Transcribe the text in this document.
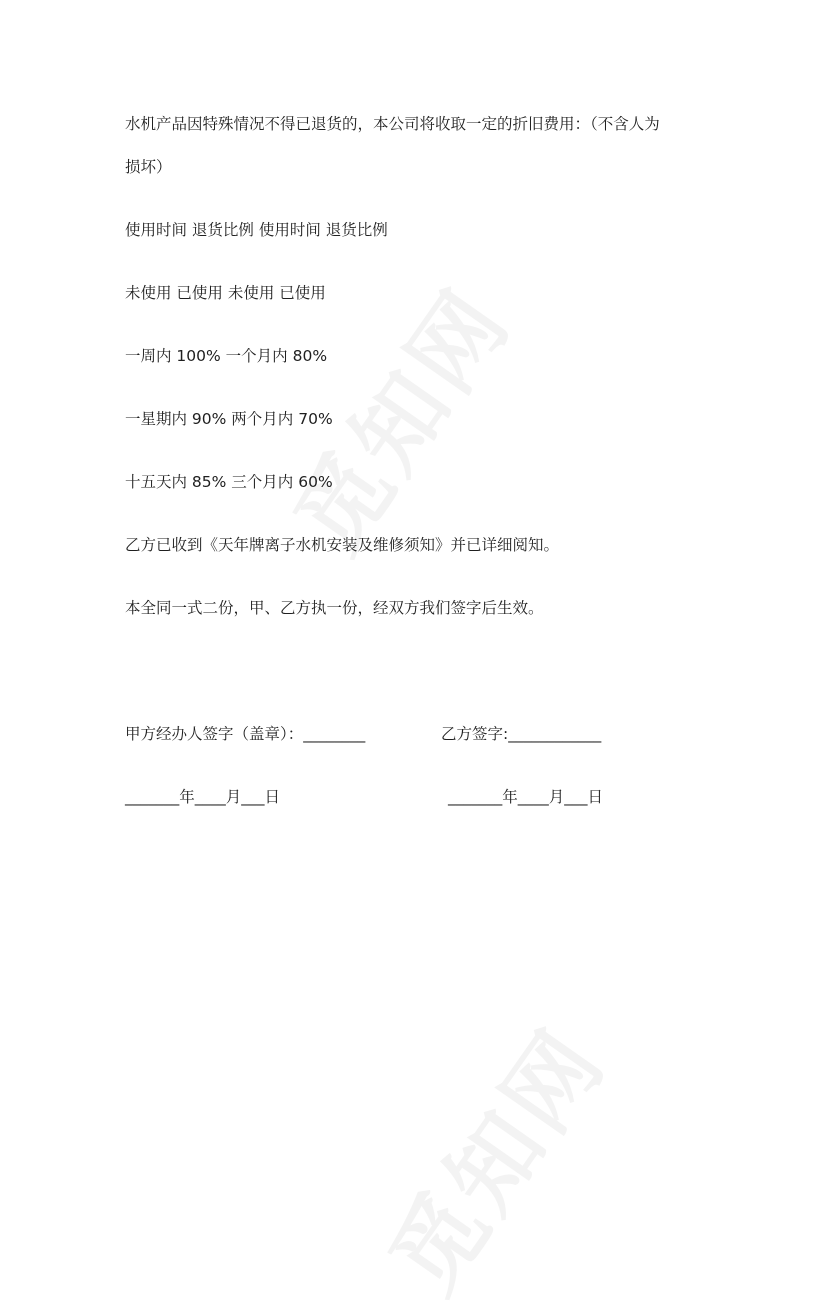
水机产品因特殊情况不得已退货的，本公司将收取一定的折旧费用：（不含人为
损坏）
使用时间 退货比例 使用时间 退货比例
未使用 已使用 未使用 已使用
一周内 100% 一个月内 80%
一星期内 90% 两个月内 70%
十五天内 85% 三个月内 60%
乙方已收到《天年牌离子水机安装及维修须知》并已详细阅知。
本全同一式二份，甲、乙方执一份，经双方我们签字后生效。
甲方经办人签字（盖章）：________	乙方签字:____________
_______年____月___日	_______年____月___日
